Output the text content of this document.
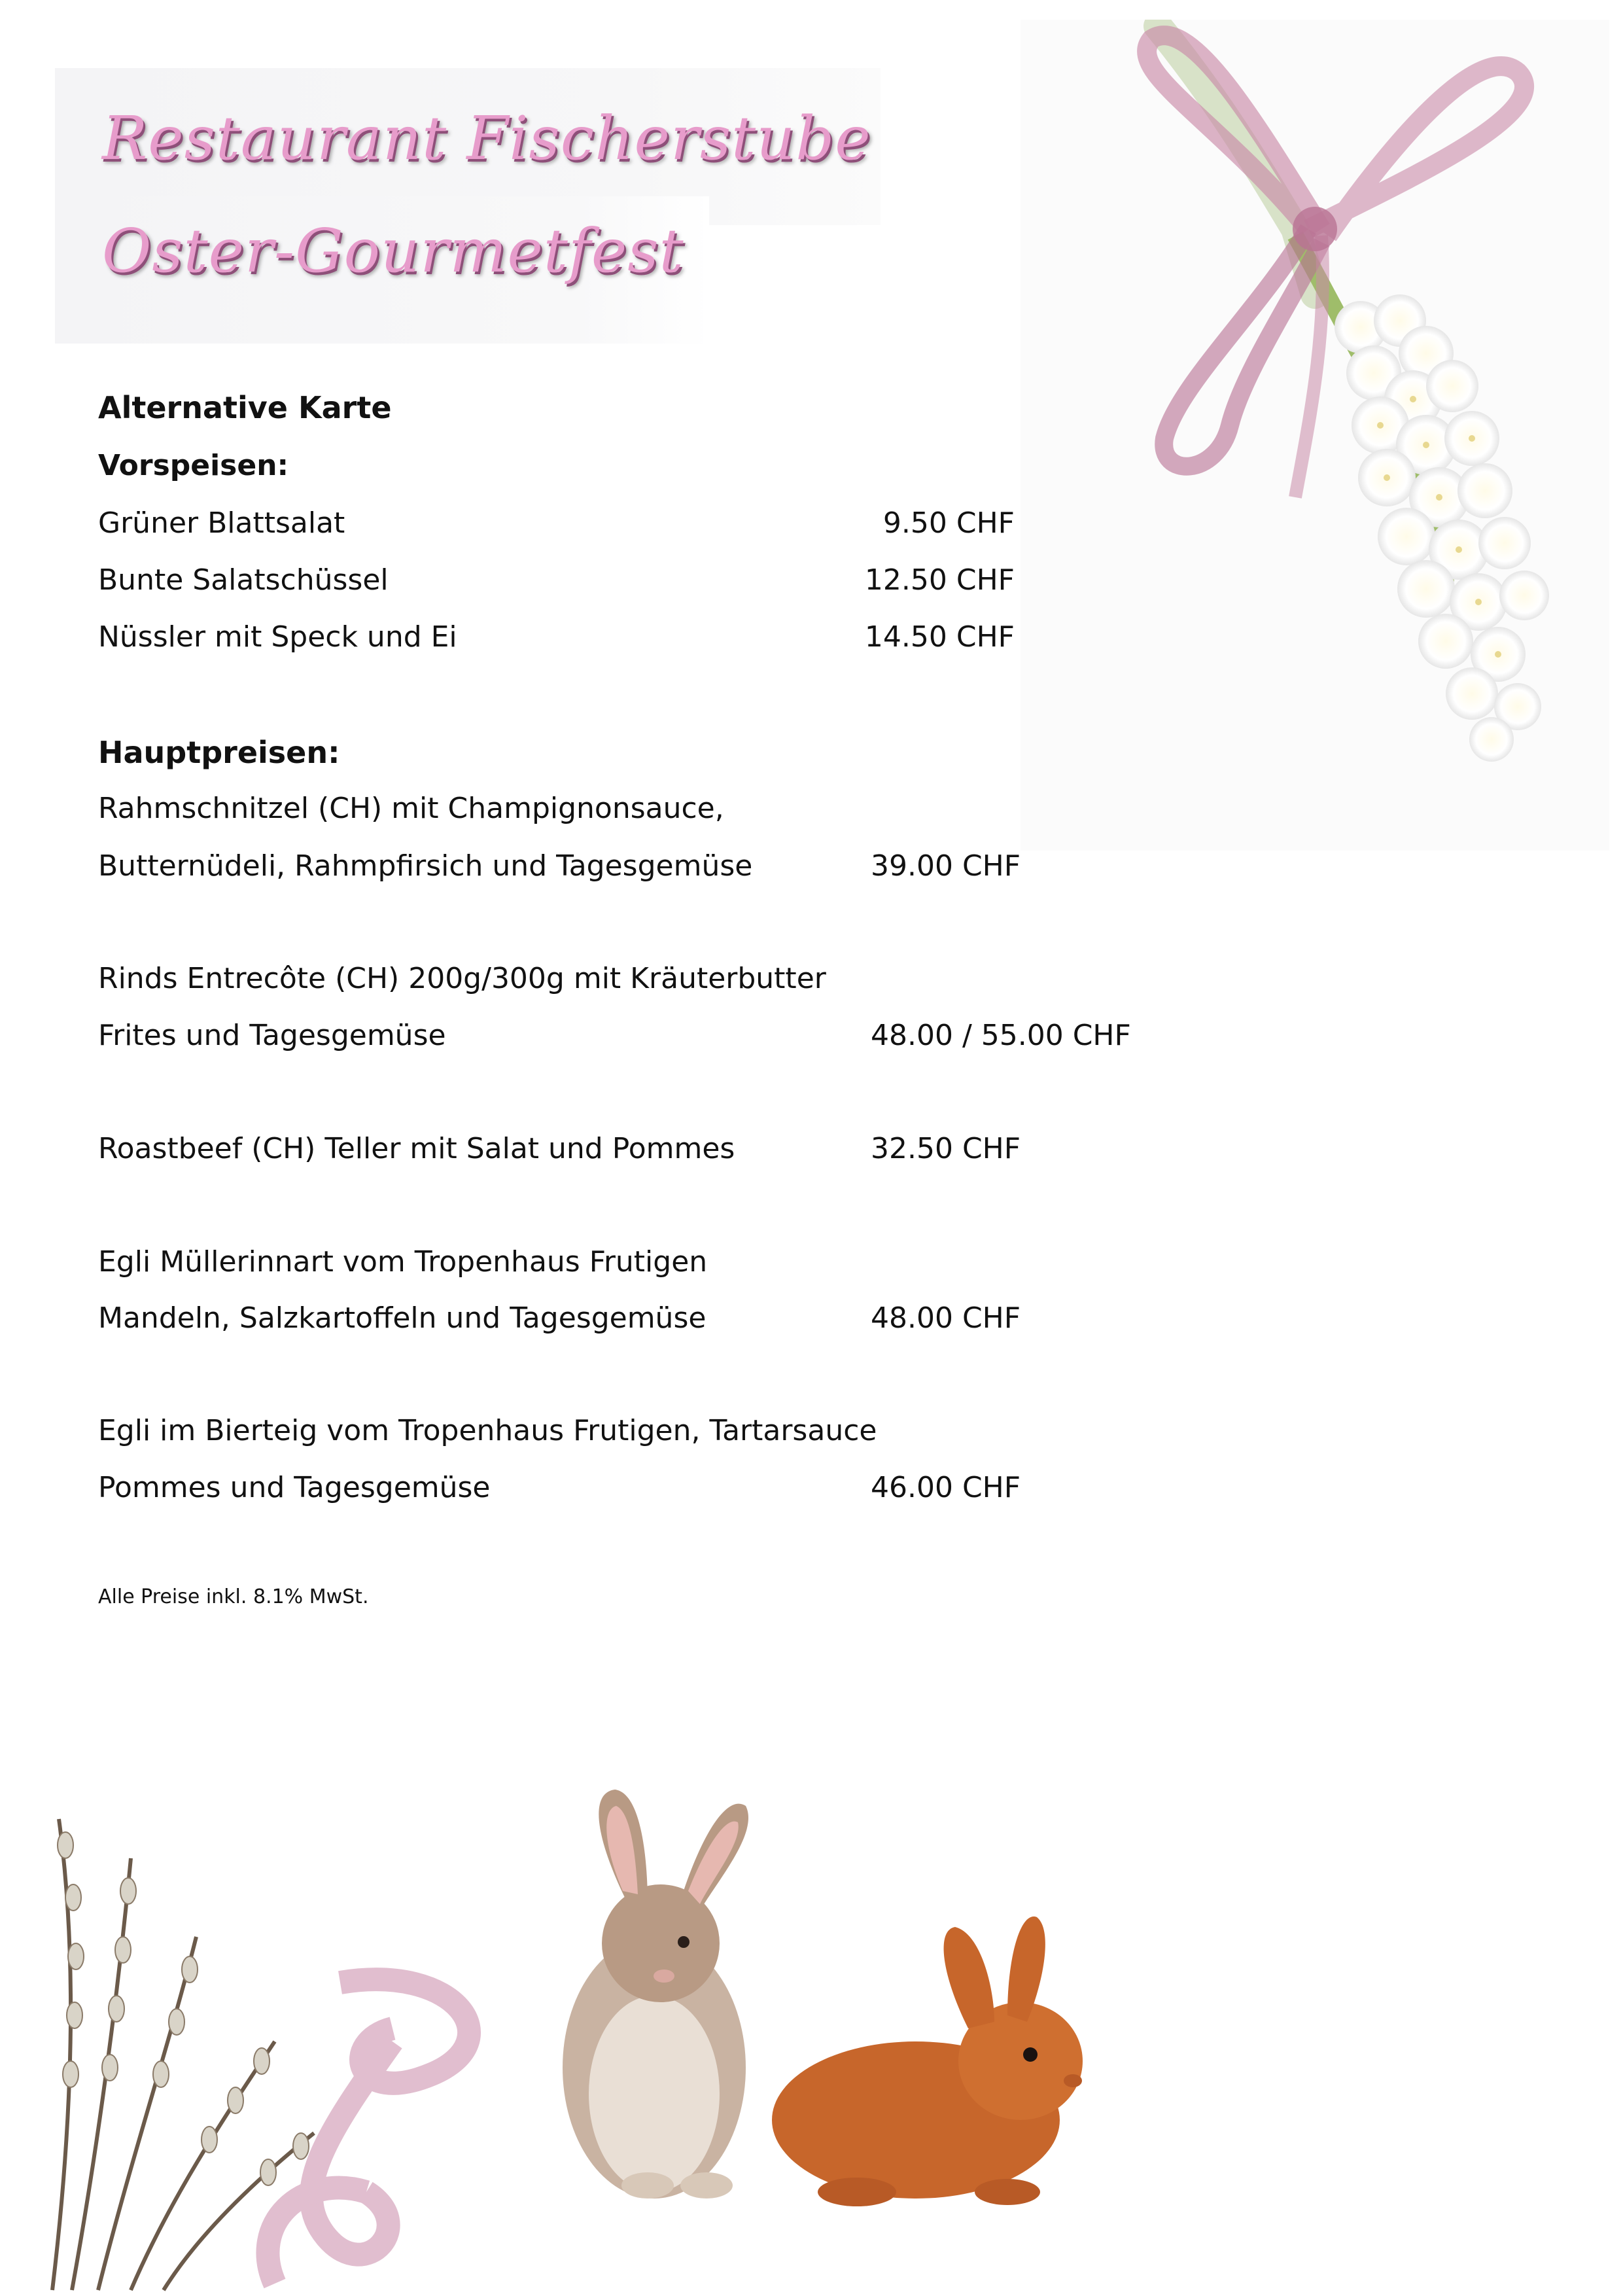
Restaurant Fischerstube
Oster-Gourmetfest
Alternative Karte
Vorspeisen:
Grüner Blattsalat	9.50 CHF
Bunte Salatschüssel	12.50 CHF
Nüssler mit Speck und Ei	14.50 CHF
Hauptpreisen:
Rahmschnitzel (CH) mit Champignonsauce,
Butternüdeli, Rahmpfirsich und Tagesgemüse	39.00 CHF
Rinds Entrecôte (CH) 200g/300g mit Kräuterbutter
Frites und Tagesgemüse	48.00 / 55.00 CHF
Roastbeef (CH) Teller mit Salat und Pommes	32.50 CHF
Egli Müllerinnart vom Tropenhaus Frutigen
Mandeln, Salzkartoffeln und Tagesgemüse	48.00 CHF
Egli im Bierteig vom Tropenhaus Frutigen, Tartarsauce
Pommes und Tagesgemüse	46.00 CHF
Alle Preise inkl. 8.1% MwSt.
